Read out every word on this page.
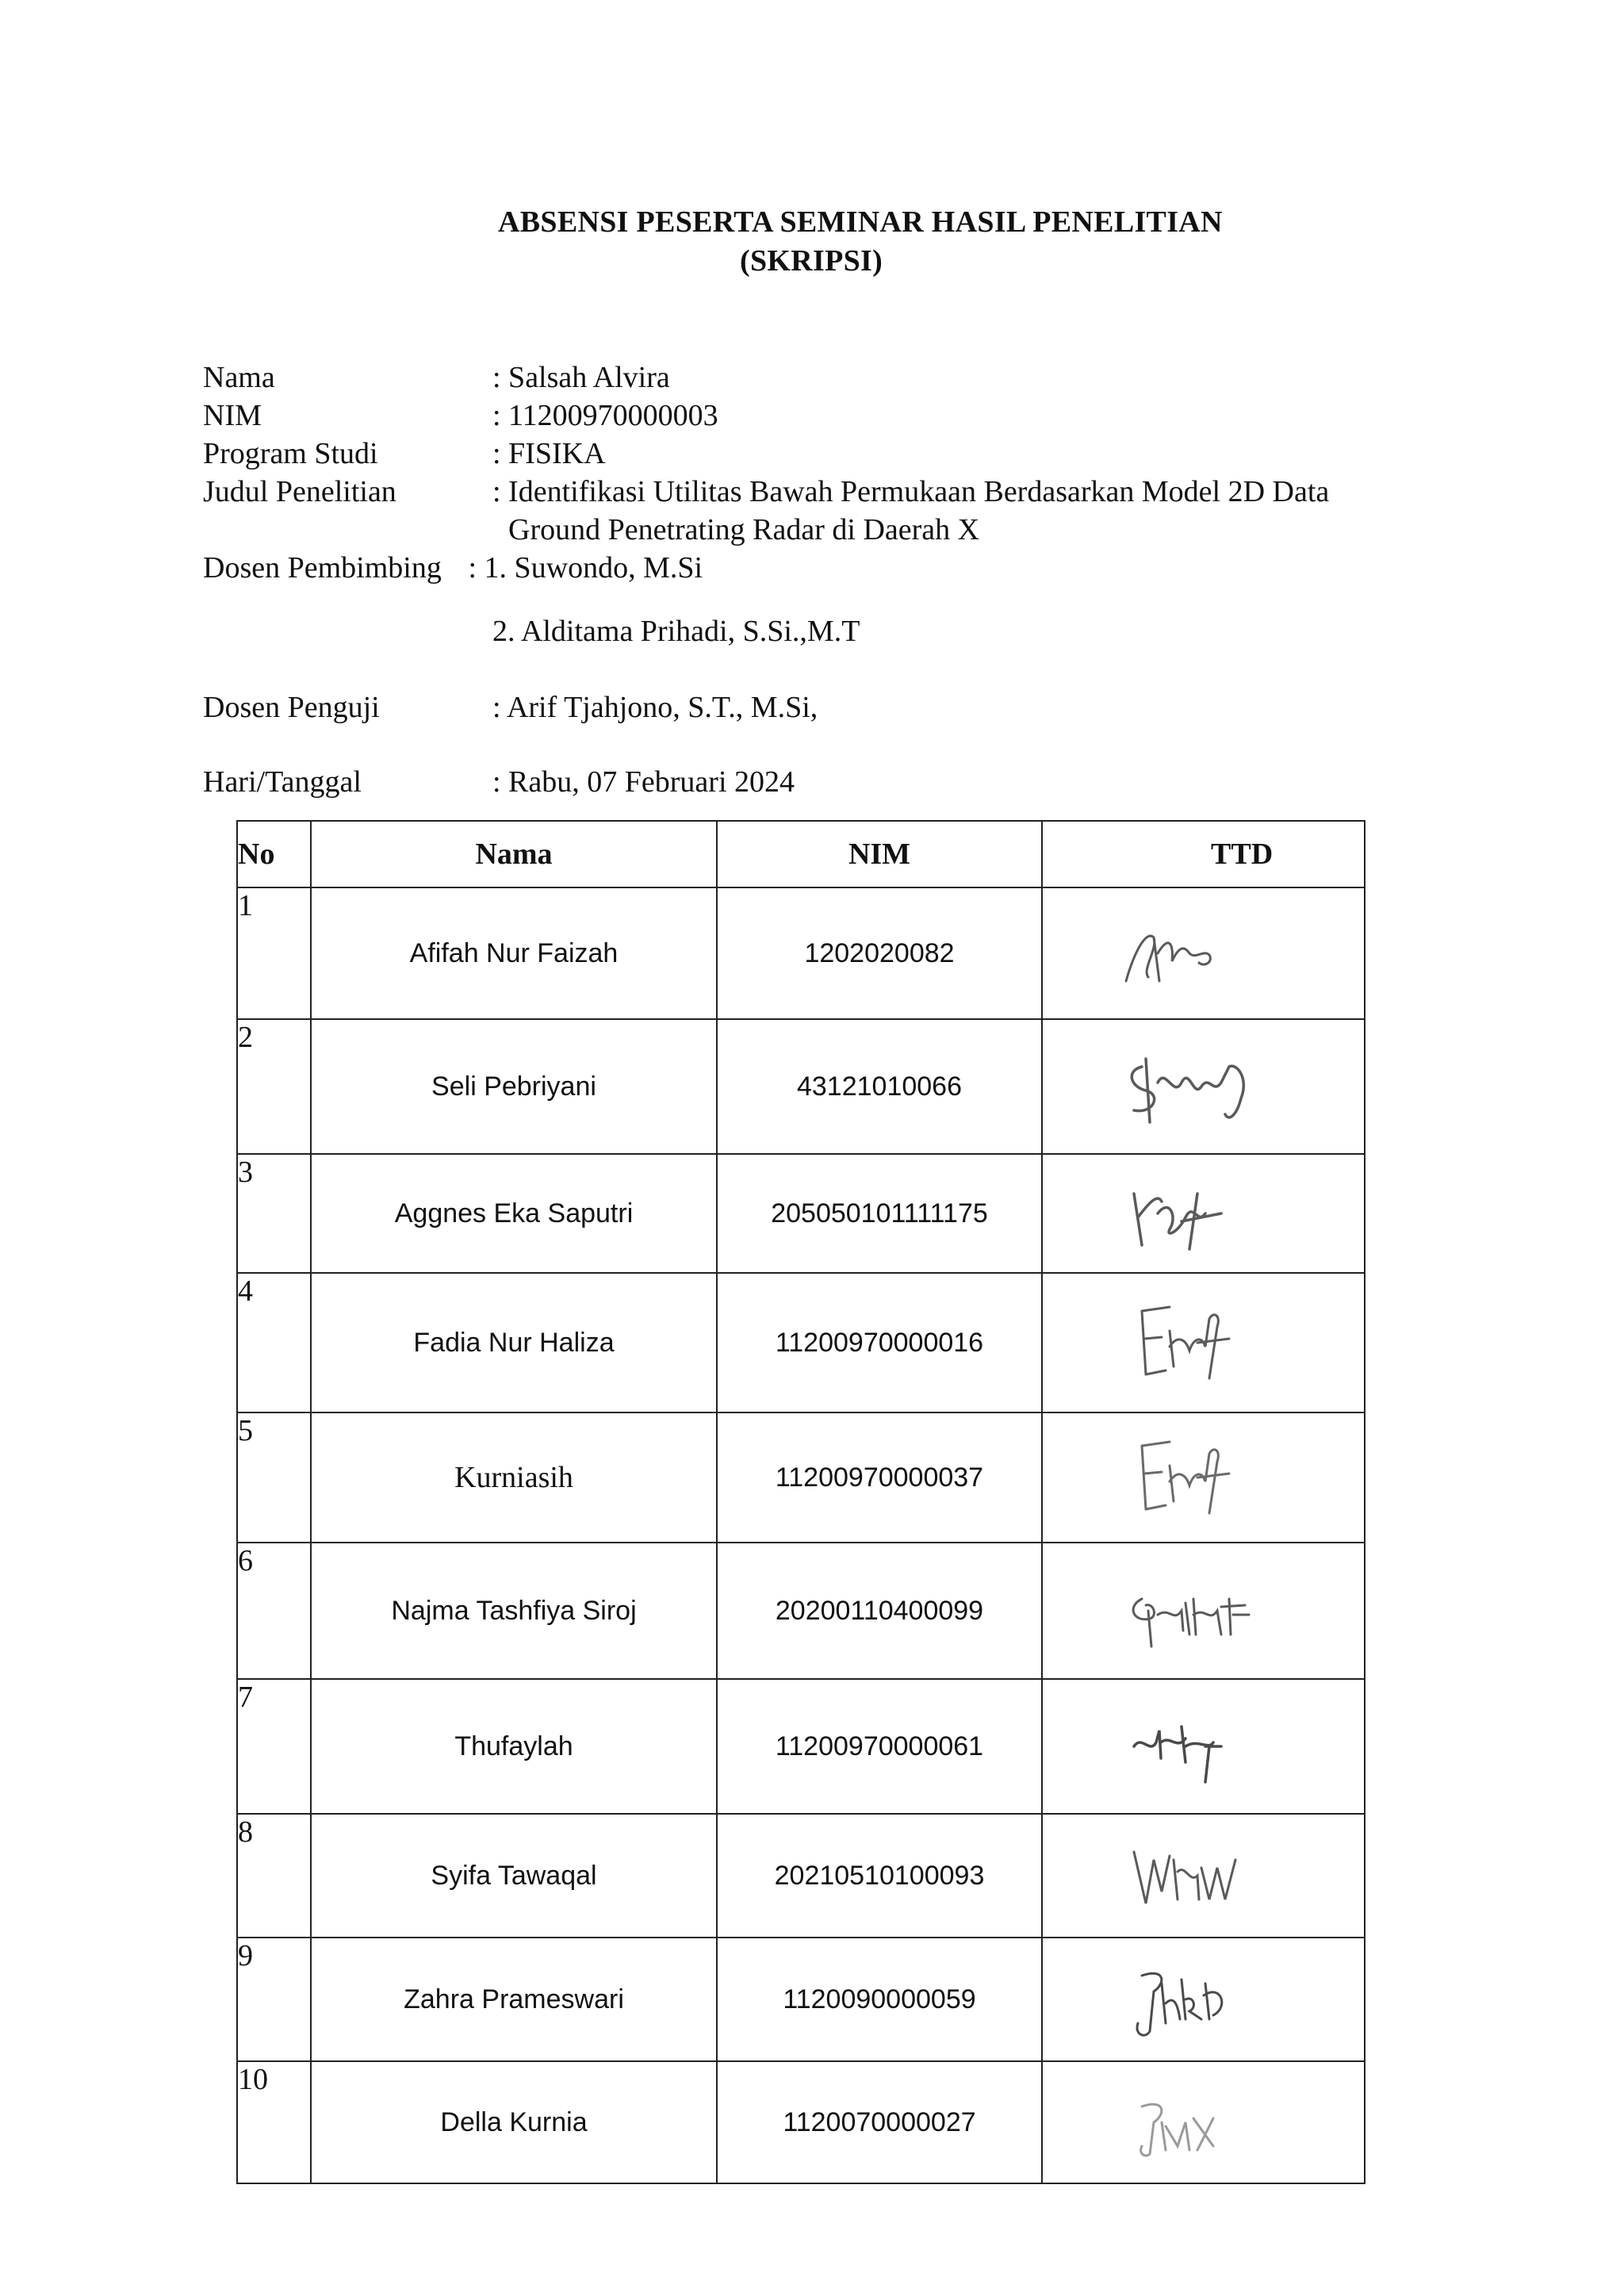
ABSENSI PESERTA SEMINAR HASIL PENELITIAN
(SKRIPSI)
Nama	: Salsah Alvira
NIM	: 11200970000003
Program Studi	: FISIKA
Judul Penelitian	: Identifikasi Utilitas Bawah Permukaan Berdasarkan Model 2D Data
Ground Penetrating Radar di Daerah X
Dosen Pembimbing : 1. Suwondo, M.Si
2. Alditama Prihadi, S.Si.,M.T
Dosen Penguji	: Arif Tjahjono, S.T., M.Si,
Hari/Tanggal	: Rabu, 07 Februari 2024
No	Nama	NIM	TTD
1	Afifah Nur Faizah	1202020082	

2	Seli Pebriyani	43121010066	

3	Aggnes Eka Saputri	205050101111175	

4	Fadia Nur Haliza	11200970000016	

5	Kurniasih	11200970000037	

6	Najma Tashfiya Siroj	20200110400099	

7	Thufaylah	11200970000061	

8	Syifa Tawaqal	20210510100093	

9	Zahra Prameswari	1120090000059	

10	Della Kurnia	1120070000027	
